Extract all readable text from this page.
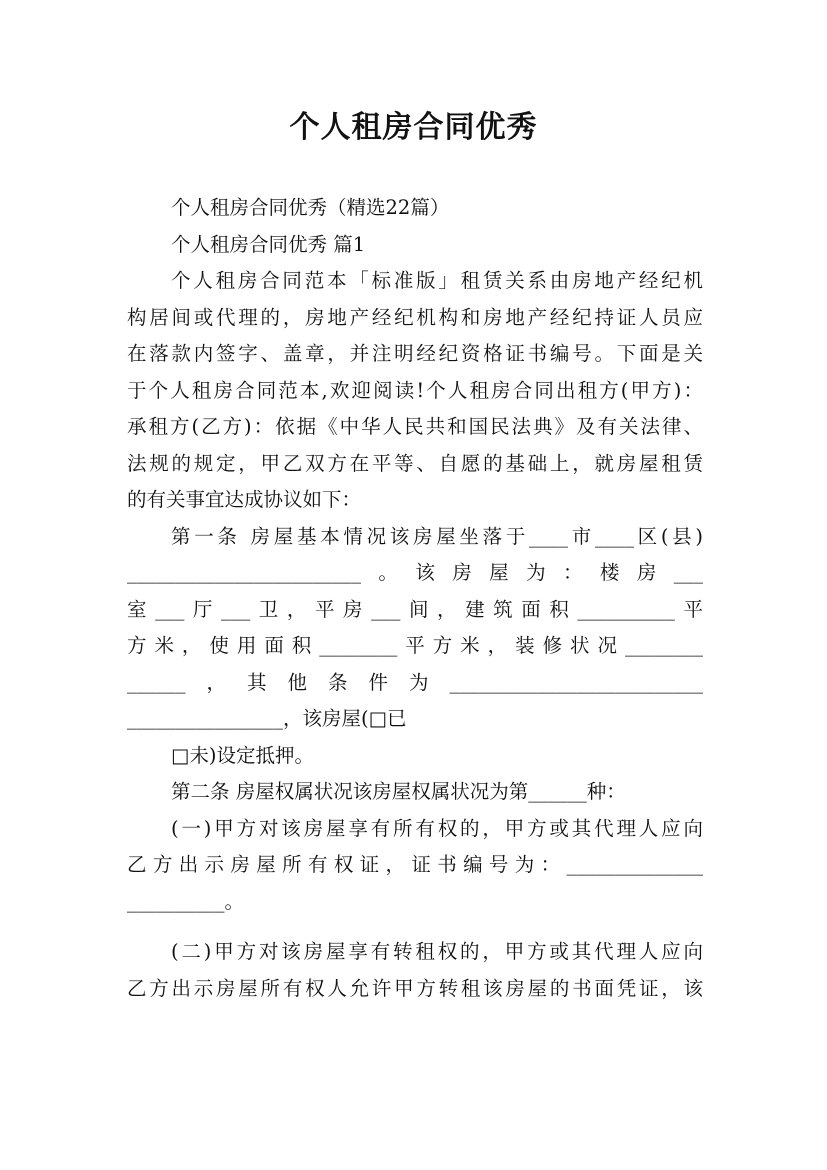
个人租房合同优秀
个人租房合同优秀（精选22篇）
个人租房合同优秀 篇1
个人租房合同范本「标准版」租赁关系由房地产经纪机
构居间或代理的，房地产经纪机构和房地产经纪持证人员应
在落款内签字、盖章，并注明经纪资格证书编号。下面是关
于个人租房合同范本,欢迎阅读!个人租房合同出租方(甲方)：
承租方(乙方)：依据《中华人民共和国民法典》及有关法律、
法规的规定，甲乙双方在平等、自愿的基础上，就房屋租赁
的有关事宜达成协议如下：
第一条 房屋基本情况该房屋坐落于____市____区(县)
________________________。该房屋为：楼房___
室___厅___卫，平房___间，建筑面积__________平
方米，使用面积________平方米，装修状况________
______，其他条件为__________________________
________________，该房屋(□已
□未)设定抵押。
第二条 房屋权属状况该房屋权属状况为第______种：
(一)甲方对该房屋享有所有权的，甲方或其代理人应向
乙方出示房屋所有权证，证书编号为：______________
__________。
(二)甲方对该房屋享有转租权的，甲方或其代理人应向
乙方出示房屋所有权人允许甲方转租该房屋的书面凭证，该
